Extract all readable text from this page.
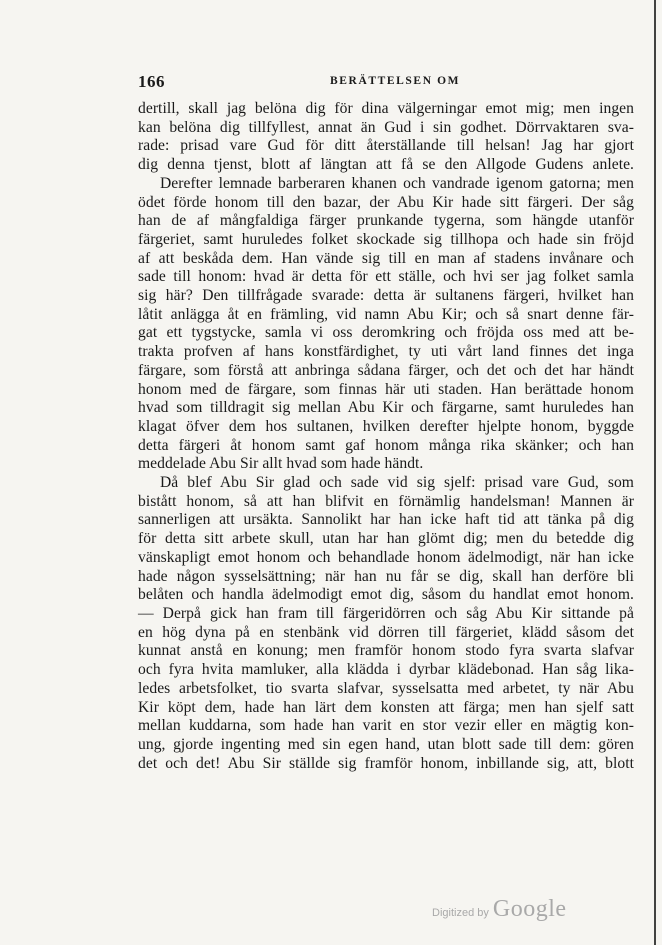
166	BERÄTTELSEN OM

dertill, skall jag belöna dig för dina välgerningar emot mig; men ingen
kan belöna dig tillfyllest, annat än Gud i sin godhet. Dörrvaktaren sva-
rade: prisad vare Gud för ditt återställande till helsan! Jag har gjort
dig denna tjenst, blott af längtan att få se den Allgode Gudens anlete.

Derefter lemnade barberaren khanen och vandrade igenom gatorna; men
ödet förde honom till den bazar, der Abu Kir hade sitt färgeri. Der såg
han de af mångfaldiga färger prunkande tygerna, som hängde utanför
färgeriet, samt huruledes folket skockade sig tillhopa och hade sin fröjd
af att beskåda dem. Han vände sig till en man af stadens invånare och
sade till honom: hvad är detta för ett ställe, och hvi ser jag folket samla
sig här? Den tillfrågade svarade: detta är sultanens färgeri, hvilket han
låtit anlägga åt en främling, vid namn Abu Kir; och så snart denne fär-
gat ett tygstycke, samla vi oss deromkring och fröjda oss med att be-
trakta profven af hans konstfärdighet, ty uti vårt land finnes det inga
färgare, som förstå att anbringa sådana färger, och det och det har händt
honom med de färgare, som finnas här uti staden. Han berättade honom
hvad som tilldragit sig mellan Abu Kir och färgarne, samt huruledes han
klagat öfver dem hos sultanen, hvilken derefter hjelpte honom, byggde
detta färgeri åt honom samt gaf honom många rika skänker; och han
meddelade Abu Sir allt hvad som hade händt.

Då blef Abu Sir glad och sade vid sig sjelf: prisad vare Gud, som
bistått honom, så att han blifvit en förnämlig handelsman! Mannen är
sannerligen att ursäkta. Sannolikt har han icke haft tid att tänka på dig
för detta sitt arbete skull, utan har han glömt dig; men du betedde dig
vänskapligt emot honom och behandlade honom ädelmodigt, när han icke
hade någon sysselsättning; när han nu får se dig, skall han derföre bli
belåten och handla ädelmodigt emot dig, såsom du handlat emot honom.
— Derpå gick han fram till färgeridörren och såg Abu Kir sittande på
en hög dyna på en stenbänk vid dörren till färgeriet, klädd såsom det
kunnat anstå en konung; men framför honom stodo fyra svarta slafvar
och fyra hvita mamluker, alla klädda i dyrbar klädebonad. Han såg lika-
ledes arbetsfolket, tio svarta slafvar, sysselsatta med arbetet, ty när Abu
Kir köpt dem, hade han lärt dem konsten att färga; men han sjelf satt
mellan kuddarna, som hade han varit en stor vezir eller en mägtig kon-
ung, gjorde ingenting med sin egen hand, utan blott sade till dem: gören
det och det! Abu Sir ställde sig framför honom, inbillande sig, att, blott

Digitized by Google
